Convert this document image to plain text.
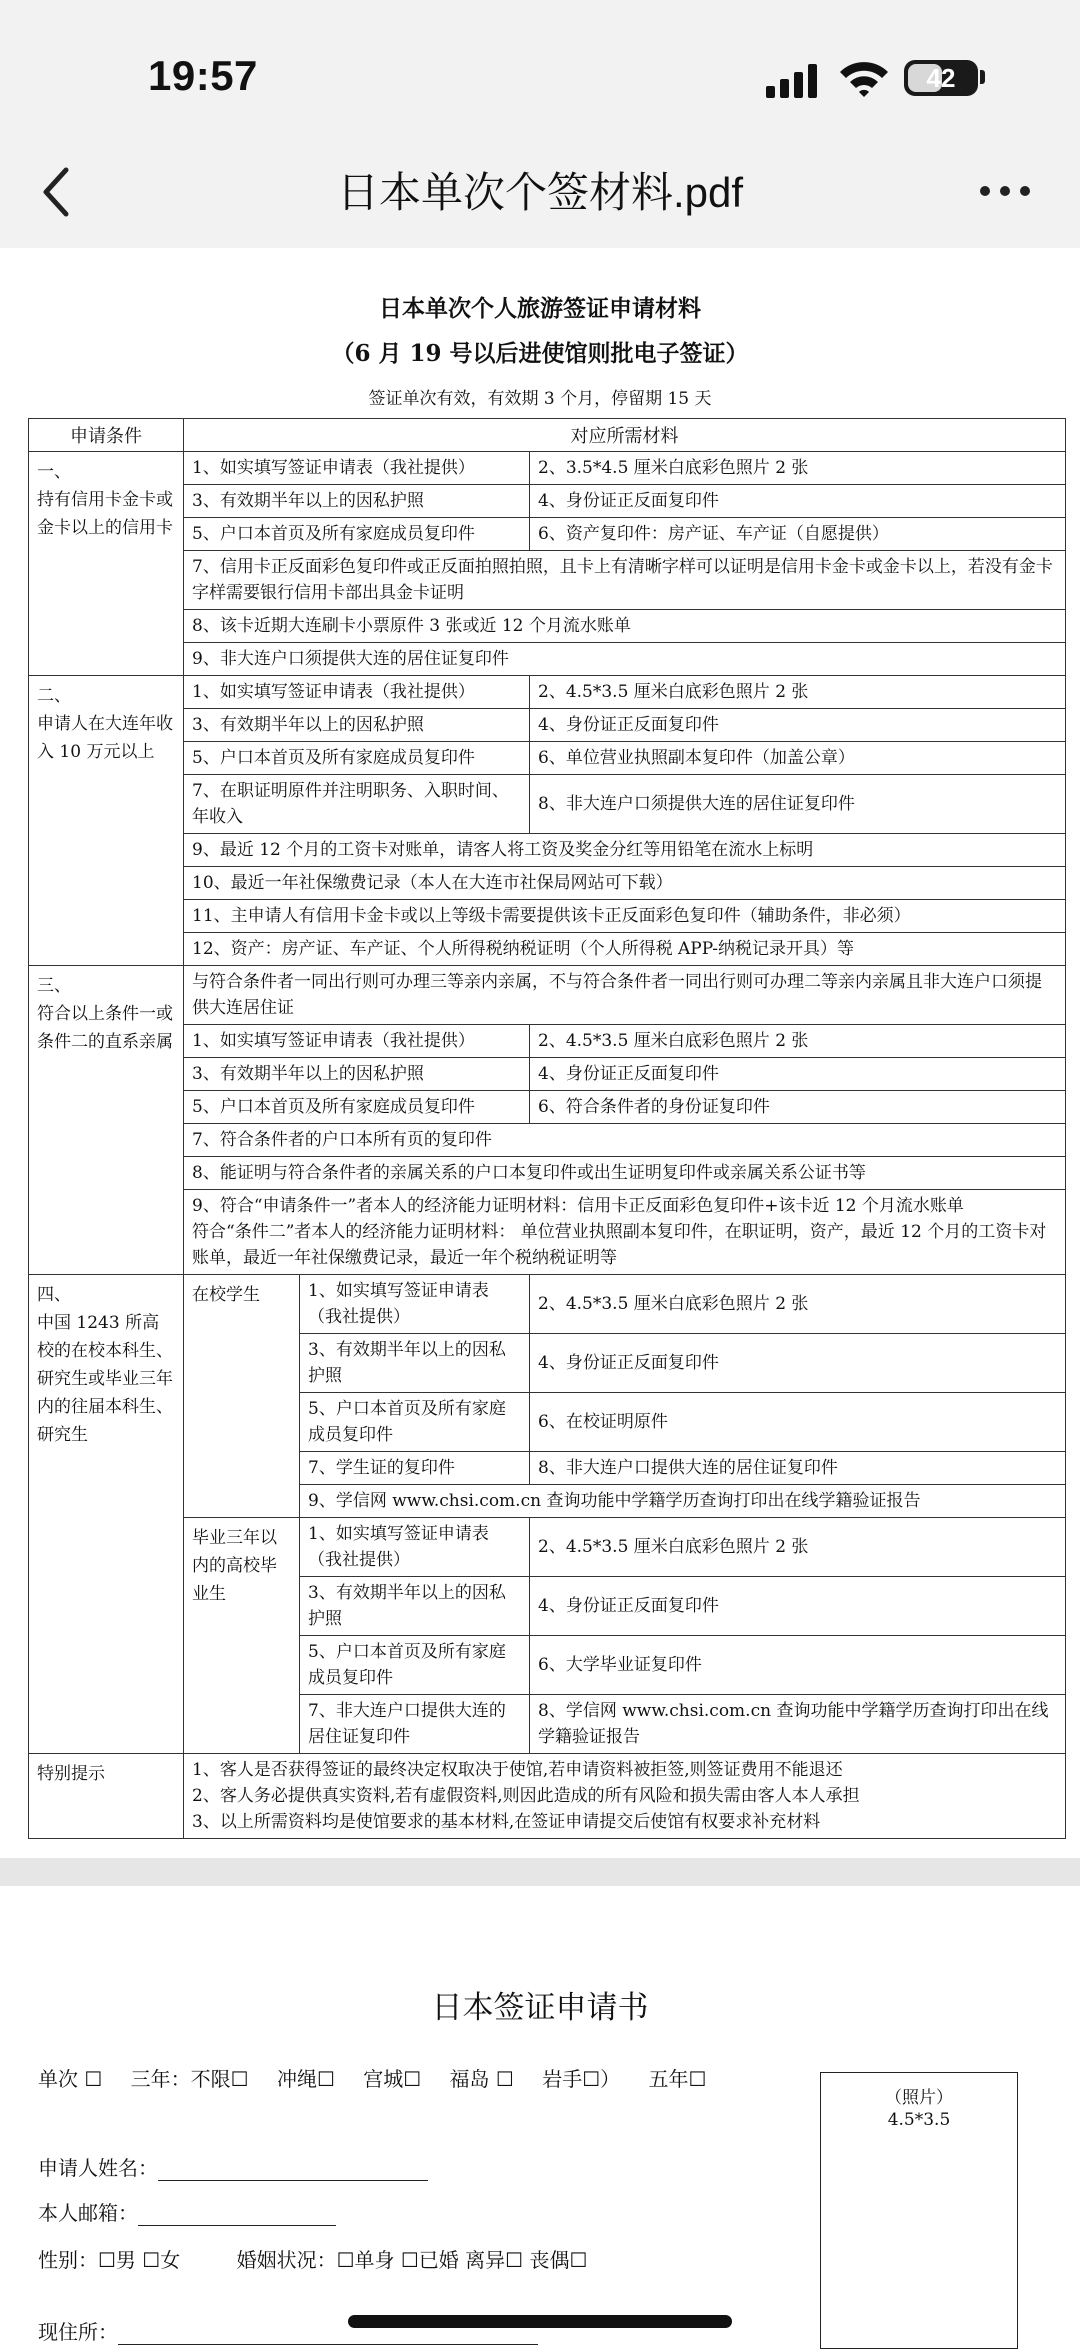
19:57	42
日本单次个签材料.pdf
日本单次个人旅游签证申请材料
（6 月 19 号以后进使馆则批电子签证）
签证单次有效，有效期 3 个月，停留期 15 天
申请条件	对应所需材料		
一、
持有信用卡金卡或金卡以上的信用卡	1、如实填写签证申请表（我社提供）		2、3.5*4.5 厘米白底彩色照片 2 张
	3、有效期半年以上的因私护照		4、身份证正反面复印件
	5、户口本首页及所有家庭成员复印件		6、资产复印件：房产证、车产证（自愿提供）
	7、信用卡正反面彩色复印件或正反面拍照拍照，且卡上有清晰字样可以证明是信用卡金卡或金卡以上，若没有金卡字样需要银行信用卡部出具金卡证明		
	8、该卡近期大连刷卡小票原件 3 张或近 12 个月流水账单		
	9、非大连户口须提供大连的居住证复印件		
二、
申请人在大连年收入 10 万元以上	1、如实填写签证申请表（我社提供）		2、4.5*3.5 厘米白底彩色照片 2 张
	3、有效期半年以上的因私护照		4、身份证正反面复印件
	5、户口本首页及所有家庭成员复印件		6、单位营业执照副本复印件（加盖公章）
	7、在职证明原件并注明职务、入职时间、年收入		8、非大连户口须提供大连的居住证复印件
	9、最近 12 个月的工资卡对账单，请客人将工资及奖金分红等用铅笔在流水上标明		
	10、最近一年社保缴费记录（本人在大连市社保局网站可下载）		
	11、主申请人有信用卡金卡或以上等级卡需要提供该卡正反面彩色复印件（辅助条件，非必须）		
	12、资产：房产证、车产证、个人所得税纳税证明（个人所得税 APP-纳税记录开具）等		
三、
符合以上条件一或条件二的直系亲属	与符合条件者一同出行则可办理三等亲内亲属，不与符合条件者一同出行则可办理二等亲内亲属且非大连户口须提供大连居住证		
	1、如实填写签证申请表（我社提供）		2、4.5*3.5 厘米白底彩色照片 2 张
	3、有效期半年以上的因私护照		4、身份证正反面复印件
	5、户口本首页及所有家庭成员复印件		6、符合条件者的身份证复印件
	7、符合条件者的户口本所有页的复印件		
	8、能证明与符合条件者的亲属关系的户口本复印件或出生证明复印件或亲属关系公证书等		
	9、符合“申请条件一”者本人的经济能力证明材料：信用卡正反面彩色复印件+该卡近 12 个月流水账单
符合“条件二”者本人的经济能力证明材料： 单位营业执照副本复印件，在职证明，资产，最近 12 个月的工资卡对账单，最近一年社保缴费记录，最近一年个税纳税证明等		
四、
中国 1243 所高校的在校本科生、研究生或毕业三年内的往届本科生、研究生	在校学生	1、如实填写签证申请表（我社提供）	2、4.5*3.5 厘米白底彩色照片 2 张
		3、有效期半年以上的因私护照	4、身份证正反面复印件
		5、户口本首页及所有家庭成员复印件	6、在校证明原件
		7、学生证的复印件	8、非大连户口提供大连的居住证复印件
		9、学信网 www.chsi.com.cn 查询功能中学籍学历查询打印出在线学籍验证报告	
	毕业三年以内的高校毕业生	1、如实填写签证申请表（我社提供）	2、4.5*3.5 厘米白底彩色照片 2 张
		3、有效期半年以上的因私护照	4、身份证正反面复印件
		5、户口本首页及所有家庭成员复印件	6、大学毕业证复印件
		7、非大连户口提供大连的居住证复印件	8、学信网 www.chsi.com.cn 查询功能中学籍学历查询打印出在线学籍验证报告
特别提示	1、客人是否获得签证的最终决定权取决于使馆,若申请资料被拒签,则签证费用不能退还
2、客人务必提供真实资料,若有虚假资料,则因此造成的所有风险和损失需由客人本人承担
3、以上所需资料均是使馆要求的基本材料,在签证申请提交后使馆有权要求补充材料		
日本签证申请书
单次 ☐ 三年：不限☐ 冲绳☐ 宫城☐ 福岛 ☐ 岩手☐） 五年☐
申请人姓名：
本人邮箱：
性别：☐男 ☐女	婚姻状况：☐单身 ☐已婚 离异☐ 丧偶☐
现住所：
（照片）
4.5*3.5
